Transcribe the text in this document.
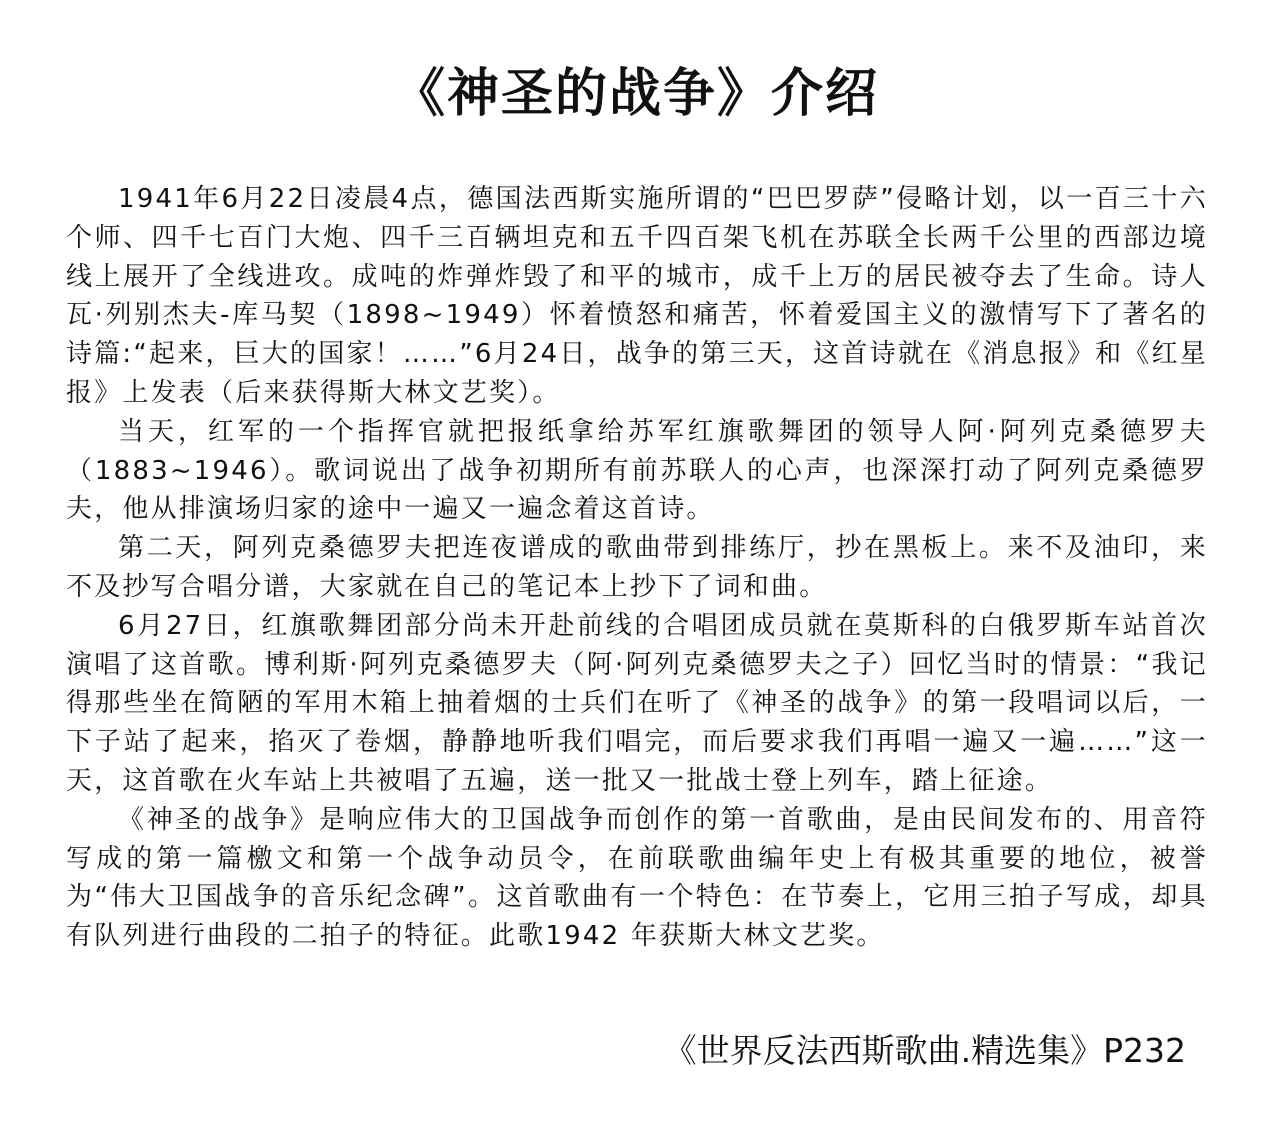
《神圣的战争》介绍

1941年6月22日凌晨4点，德国法西斯实施所谓的“巴巴罗萨”侵略计划，以一百三十六个师、四千七百门大炮、四千三百辆坦克和五千四百架飞机在苏联全长两千公里的西部边境线上展开了全线进攻。成吨的炸弹炸毁了和平的城市，成千上万的居民被夺去了生命。诗人瓦·列别杰夫-库马契（1898~1949）怀着愤怒和痛苦，怀着爱国主义的激情写下了著名的诗篇:“起来，巨大的国家！……”6月24日，战争的第三天，这首诗就在《消息报》和《红星报》上发表（后来获得斯大林文艺奖）。

当天，红军的一个指挥官就把报纸拿给苏军红旗歌舞团的领导人阿·阿列克桑德罗夫（1883~1946）。歌词说出了战争初期所有前苏联人的心声，也深深打动了阿列克桑德罗夫，他从排演场归家的途中一遍又一遍念着这首诗。

第二天，阿列克桑德罗夫把连夜谱成的歌曲带到排练厅，抄在黑板上。来不及油印，来不及抄写合唱分谱，大家就在自己的笔记本上抄下了词和曲。

6月27日，红旗歌舞团部分尚未开赴前线的合唱团成员就在莫斯科的白俄罗斯车站首次演唱了这首歌。博利斯·阿列克桑德罗夫（阿·阿列克桑德罗夫之子）回忆当时的情景：“我记得那些坐在简陋的军用木箱上抽着烟的士兵们在听了《神圣的战争》的第一段唱词以后，一下子站了起来，掐灭了卷烟，静静地听我们唱完，而后要求我们再唱一遍又一遍……”这一天，这首歌在火车站上共被唱了五遍，送一批又一批战士登上列车，踏上征途。

《神圣的战争》是响应伟大的卫国战争而创作的第一首歌曲，是由民间发布的、用音符写成的第一篇檄文和第一个战争动员令，在前联歌曲编年史上有极其重要的地位，被誉为“伟大卫国战争的音乐纪念碑”。这首歌曲有一个特色：在节奏上，它用三拍子写成，却具有队列进行曲段的二拍子的特征。此歌1942 年获斯大林文艺奖。

《世界反法西斯歌曲.精选集》P232
